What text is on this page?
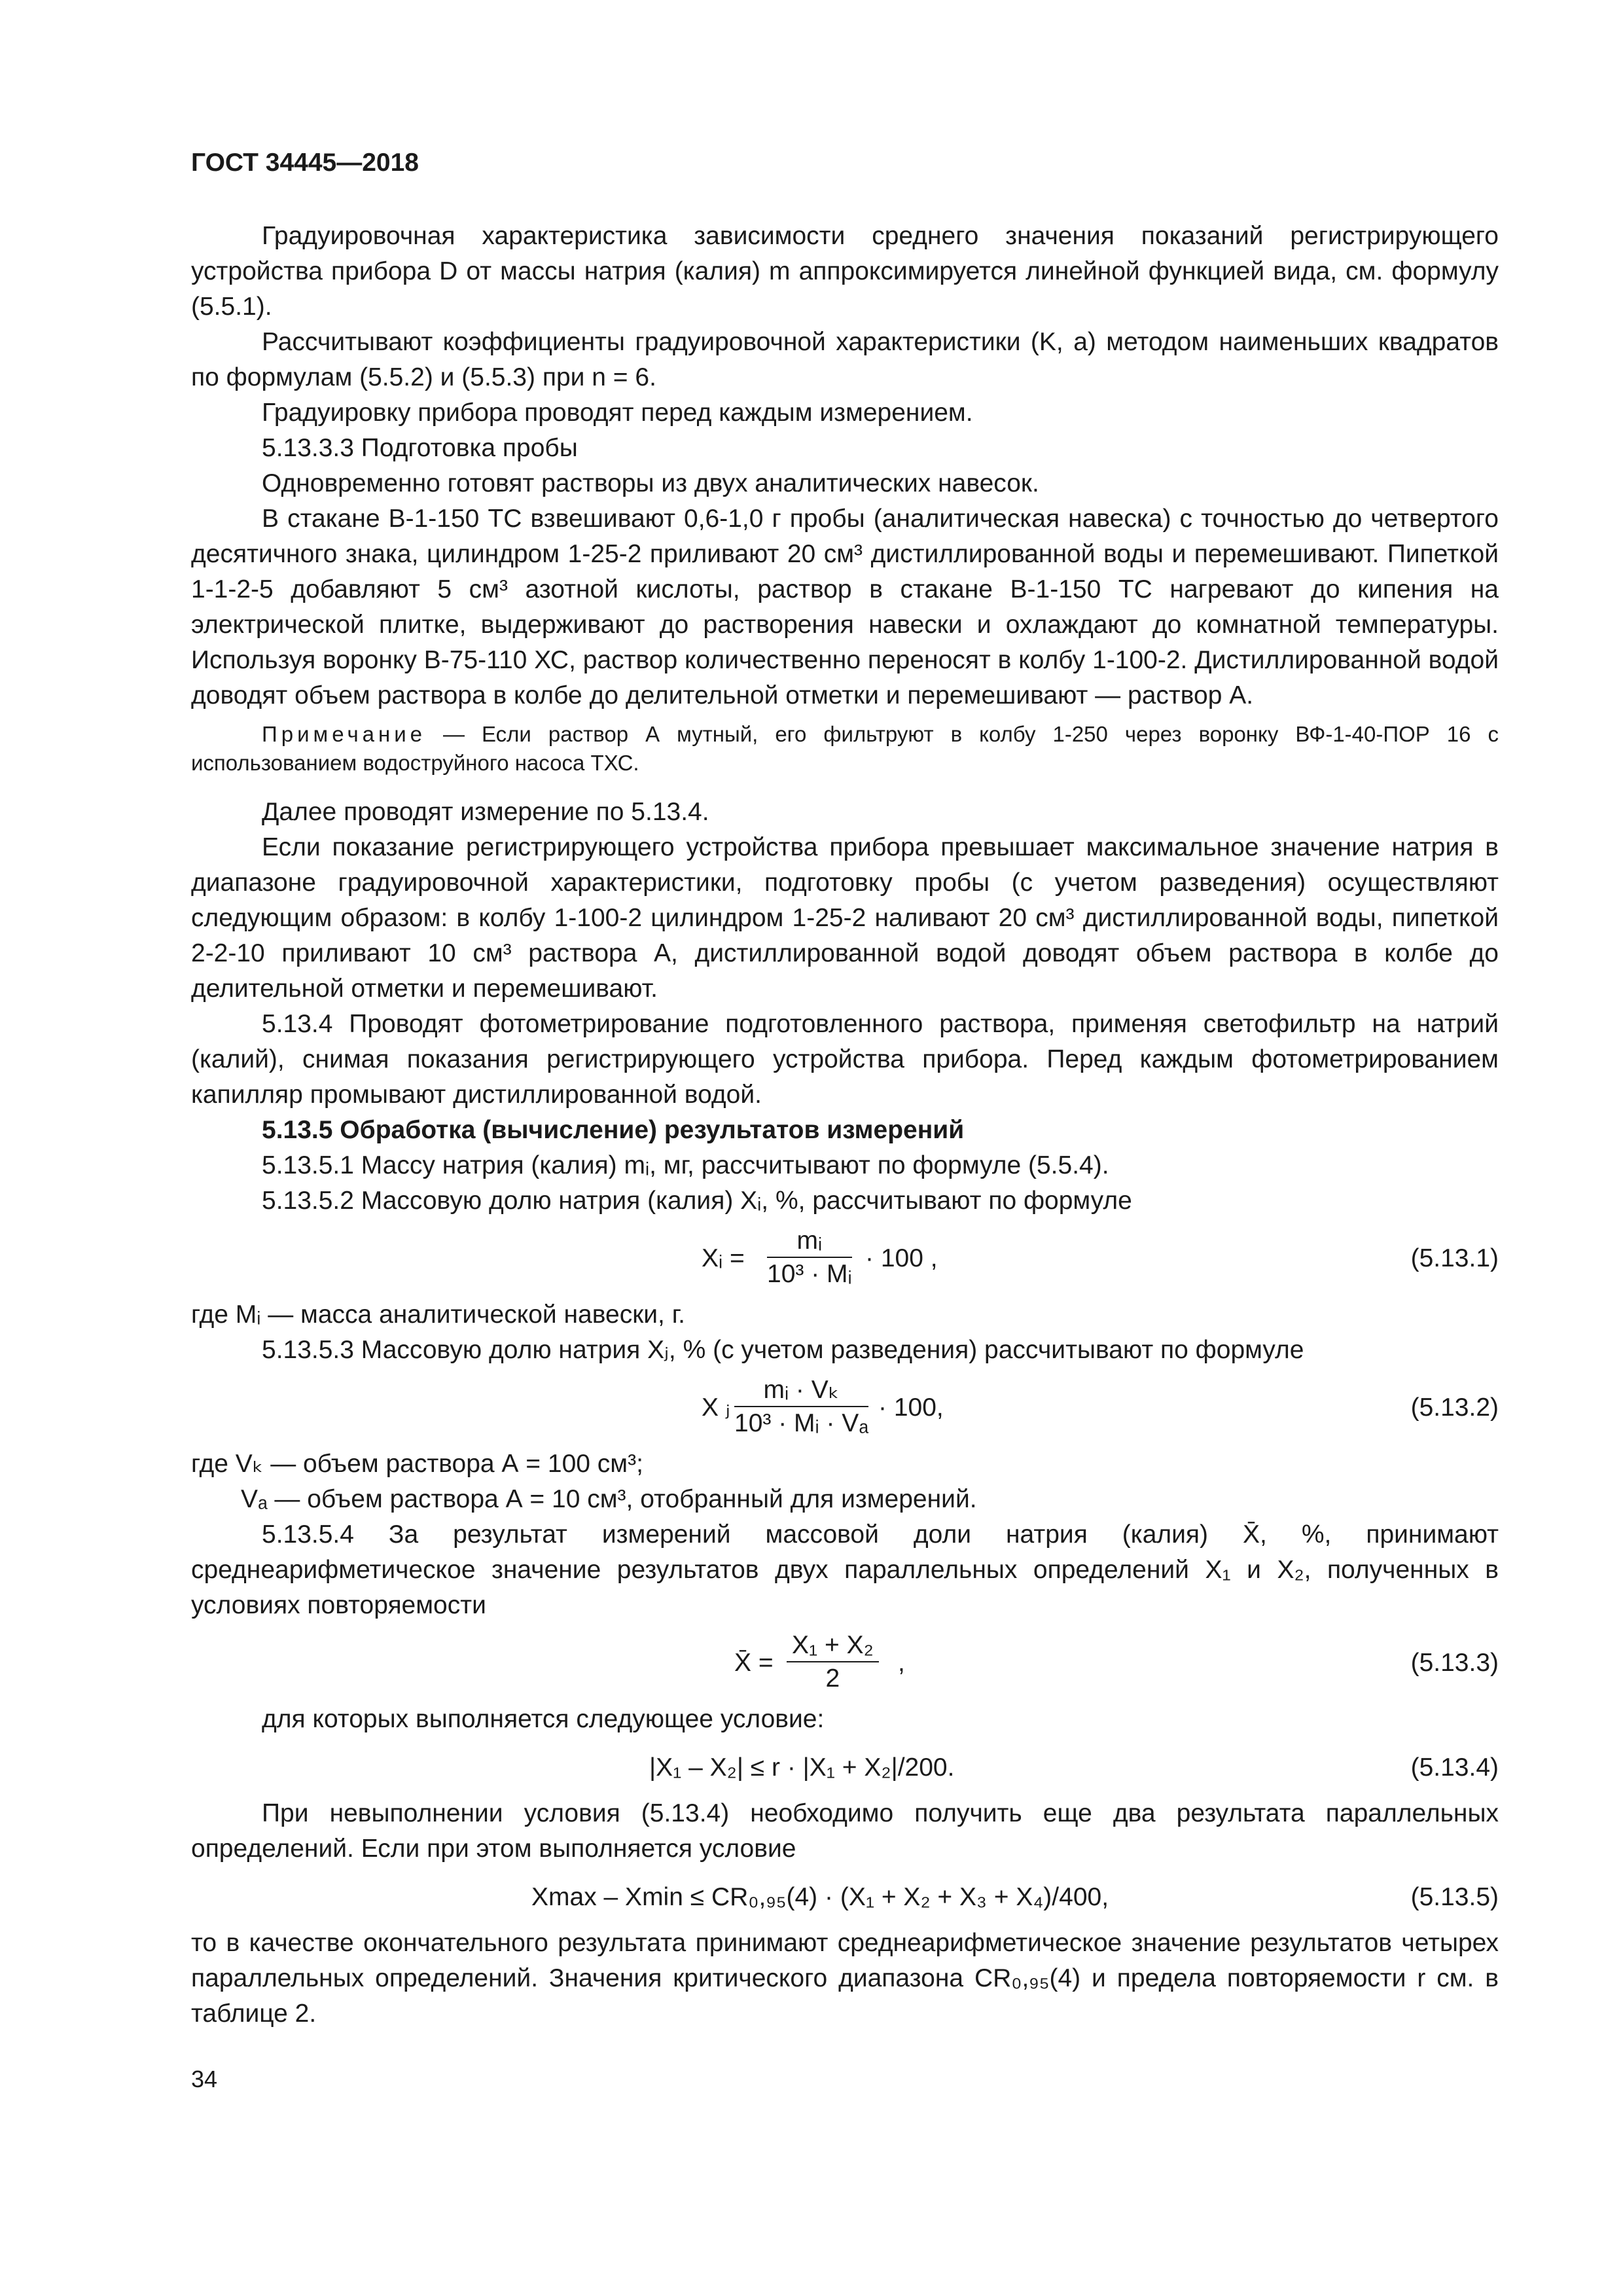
ГОСТ 34445—2018

Градуировочная характеристика зависимости среднего значения показаний регистрирующего устройства прибора D от массы натрия (калия) m аппроксимируется линейной функцией вида, см. формулу (5.5.1).

Рассчитывают коэффициенты градуировочной характеристики (K, a) методом наименьших квадратов по формулам (5.5.2) и (5.5.3) при n = 6.

Градуировку прибора проводят перед каждым измерением.

5.13.3.3 Подготовка пробы

Одновременно готовят растворы из двух аналитических навесок.

В стакане В-1-150 ТС взвешивают 0,6-1,0 г пробы (аналитическая навеска) с точностью до четвертого десятичного знака, цилиндром 1-25-2 приливают 20 см³ дистиллированной воды и перемешивают. Пипеткой 1-1-2-5 добавляют 5 см³ азотной кислоты, раствор в стакане В-1-150 ТС нагревают до кипения на электрической плитке, выдерживают до растворения навески и охлаждают до комнатной температуры. Используя воронку В-75-110 ХС, раствор количественно переносят в колбу 1-100-2. Дистиллированной водой доводят объем раствора в колбе до делительной отметки и перемешивают — раствор А.

Примечание — Если раствор А мутный, его фильтруют в колбу 1-250 через воронку ВФ-1-40-ПОР 16 с использованием водоструйного насоса ТХС.

Далее проводят измерение по 5.13.4.

Если показание регистрирующего устройства прибора превышает максимальное значение натрия в диапазоне градуировочной характеристики, подготовку пробы (с учетом разведения) осуществляют следующим образом: в колбу 1-100-2 цилиндром 1-25-2 наливают 20 см³ дистиллированной воды, пипеткой 2-2-10 приливают 10 см³ раствора А, дистиллированной водой доводят объем раствора в колбе до делительной отметки и перемешивают.

5.13.4 Проводят фотометрирование подготовленного раствора, применяя светофильтр на натрий (калий), снимая показания регистрирующего устройства прибора. Перед каждым фотометрированием капилляр промывают дистиллированной водой.

5.13.5 Обработка (вычисление) результатов измерений

5.13.5.1 Массу натрия (калия) mᵢ, мг, рассчитывают по формуле (5.5.4).

5.13.5.2 Массовую долю натрия (калия) Xᵢ, %, рассчитывают по формуле

Xᵢ = $\frac{\text{mᵢ}}{\text{10³ · Mᵢ}} \cdot 100$ ,	(5.13.1)

где Mᵢ — масса аналитической навески, г.

5.13.5.3 Массовую долю натрия Xⱼ, % (с учетом разведения) рассчитывают по формуле

X ⱼ $\frac{\text{mᵢ · Vₖ}}{\text{10³ · Mᵢ · Vₐ}} \cdot 100$,	(5.13.2)

где Vₖ — объем раствора А = 100 см³;

Vₐ — объем раствора А = 10 см³, отобранный для измерений.

5.13.5.4 За результат измерений массовой доли натрия (калия) X̄, %, принимают среднеарифметическое значение результатов двух параллельных определений X₁ и X₂, полученных в условиях повторяемости

X̄ = $\frac{\text{X₁ + X₂}}{2}$ ,	(5.13.3)

для которых выполняется следующее условие:

|X₁ – X₂| ≤ r · |X₁ + X₂|/200.	(5.13.4)

При невыполнении условия (5.13.4) необходимо получить еще два результата параллельных определений. Если при этом выполняется условие

Xmax – Xmin ≤ CR₀,₉₅(4) · (X₁ + X₂ + X₃ + X₄)/400,	(5.13.5)

то в качестве окончательного результата принимают среднеарифметическое значение результатов четырех параллельных определений. Значения критического диапазона CR₀,₉₅(4) и предела повторяемости r см. в таблице 2.

34
